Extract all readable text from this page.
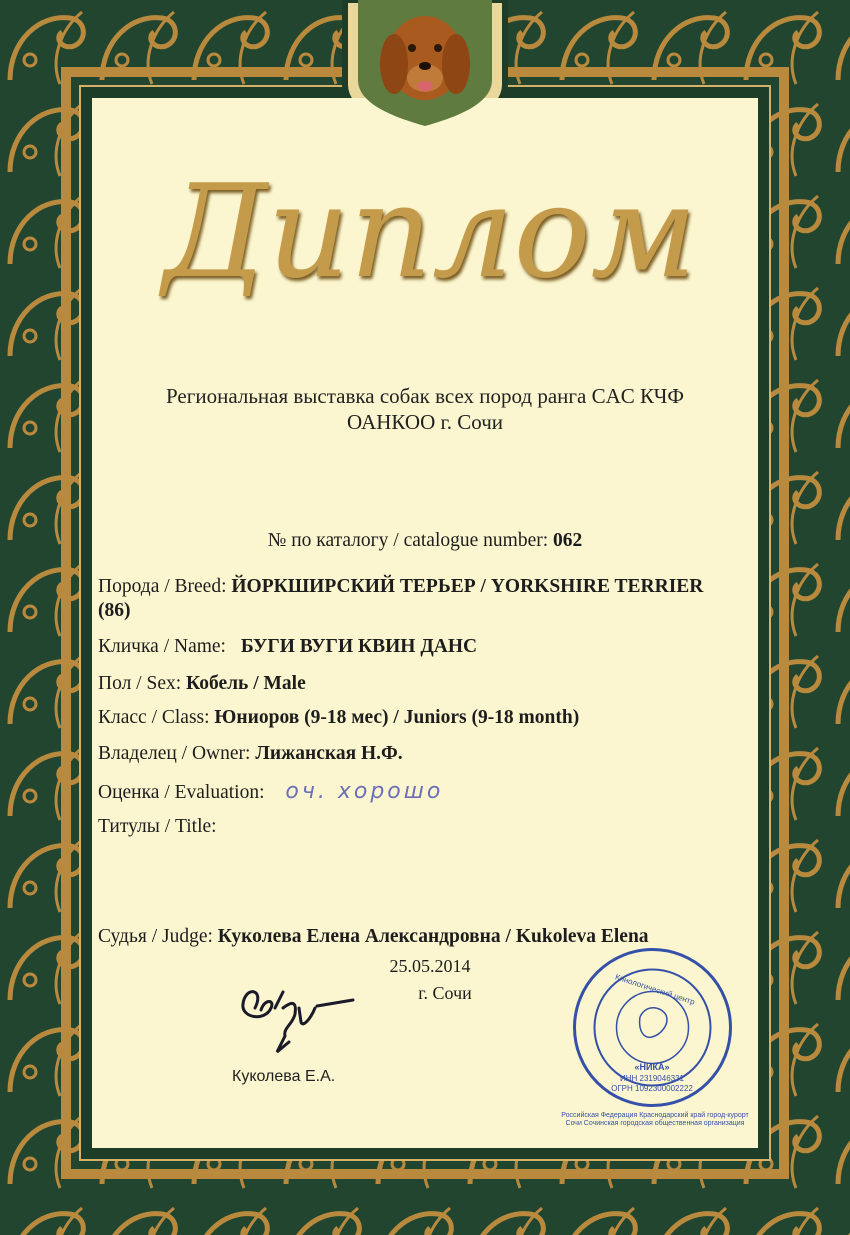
Диплом
Региональная выставка собак всех пород ранга CAC КЧФ
ОАНКОО г. Сочи
№ по каталогу / catalogue number: 062
Порода / Breed: ЙОРКШИРСКИЙ ТЕРЬЕР / YORKSHIRE TERRIER
(86)
Кличка / Name: БУГИ ВУГИ КВИН ДАНС
Пол / Sex: Кобель / Male
Класс / Class: Юниоров (9-18 мес) / Juniors (9-18 month)
Владелец / Owner: Лижанская Н.Ф.
Оценка / Evaluation: оч. хорошо
Титулы / Title:
Судья / Judge: Куколева Елена Александровна / Kukoleva Elena
25.05.2014
г. Сочи
Куколева Е.А.
«НИКА»
ИНН 2319046331
ОГРН 1092300002222
Кинологический центр
Российская Федерация Краснодарский край город-курорт Сочи Сочинская городская общественная организация
